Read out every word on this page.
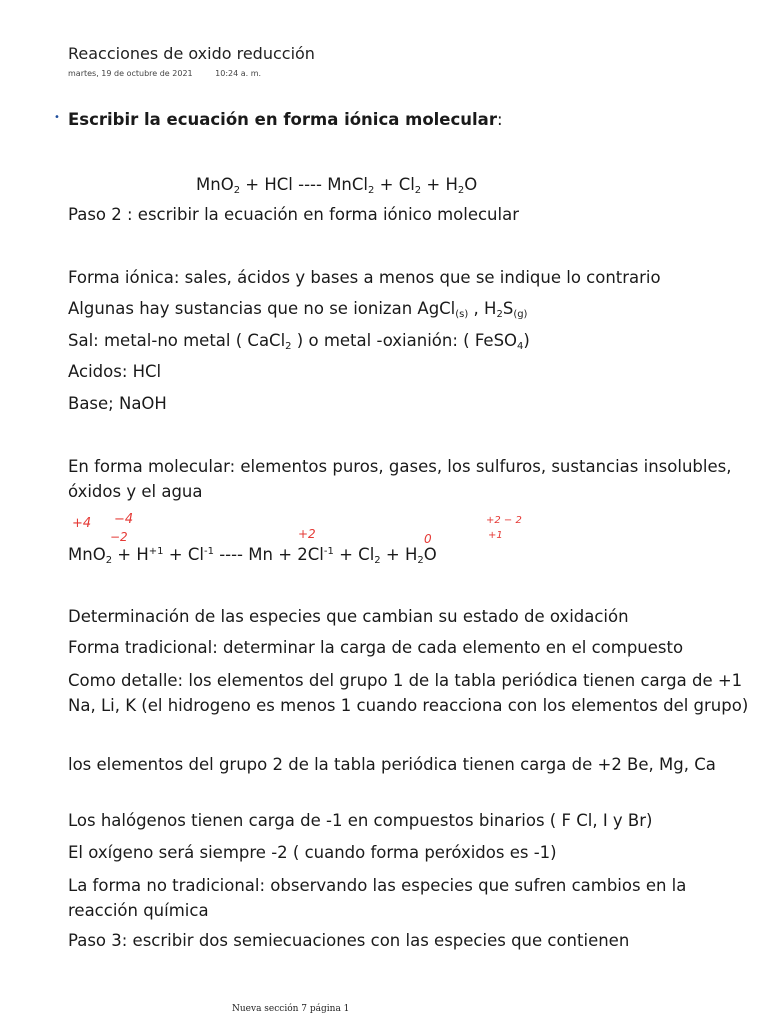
Reacciones de oxido reducción
martes, 19 de octubre de 2021	10:24 a. m.
• Escribir la ecuación en forma iónica molecular:
MnO$_2$ + HCl ---- MnCl$_2$ + $Cl_2 + H_2O$
Paso 2 : escribir la ecuación en forma iónico molecular
Forma iónica: sales, ácidos y bases a menos que se indique lo contrario
Algunas hay sustancias que no se ionizan AgCl$_{(s)}$ , $H_2S_{(g)}$
Sal: metal-no metal ( CaCl$_2$ ) o metal -oxianión: ( FeSO$_4$)
Acidos: HCl
Base; NaOH
En forma molecular: elementos puros, gases, los sulfuros, sustancias insolubles, óxidos y el agua
+4 −4
−2	+2	0
+2 − 2
+1
$MnO_2 + H^{+1} + Cl^{-1}$ ---- $Mn + 2Cl^{-1} + Cl_2 + H_2O$
Determinación de las especies que cambian su estado de oxidación
Forma tradicional: determinar la carga de cada elemento en el compuesto
Como detalle: los elementos del grupo 1 de la tabla periódica tienen carga de +1 Na, Li, K (el hidrogeno es menos 1 cuando reacciona con los elementos del grupo)
los elementos del grupo 2 de la tabla periódica tienen carga de +2 Be, Mg, Ca
Los halógenos tienen carga de -1 en compuestos binarios ( F Cl, I y Br)
El oxígeno será siempre -2 ( cuando forma peróxidos es -1)
La forma no tradicional: observando las especies que sufren cambios en la reacción química
Paso 3: escribir dos semiecuaciones con las especies que contienen
Nueva sección 7 página 1
